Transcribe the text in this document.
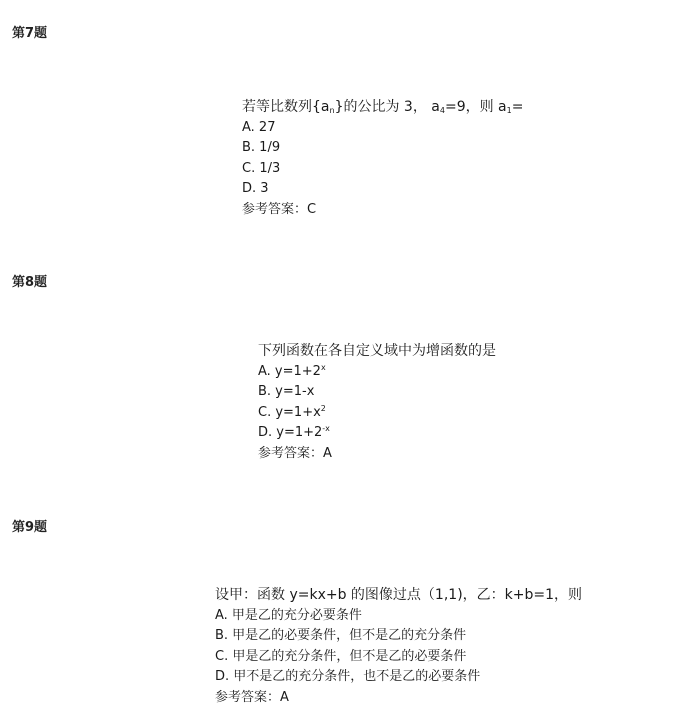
第7题
若等比数列$\{a_n\}$的公比为 3， $a_4=9$，则 $a_1=$
A. 27
B. 1/9
C. 1/3
D. 3
参考答案：C
第8题
下列函数在各自定义域中为增函数的是
A. $y=1+2^x$
B. y=1-x
C. $y=1+x^2$
D. $y=1+2^{-x}$
参考答案：A
第9题
设甲：函数 y=kx+b 的图像过点（1,1)，乙：k+b=1，则
A. 甲是乙的充分必要条件
B. 甲是乙的必要条件，但不是乙的充分条件
C. 甲是乙的充分条件，但不是乙的必要条件
D. 甲不是乙的充分条件，也不是乙的必要条件
参考答案：A
